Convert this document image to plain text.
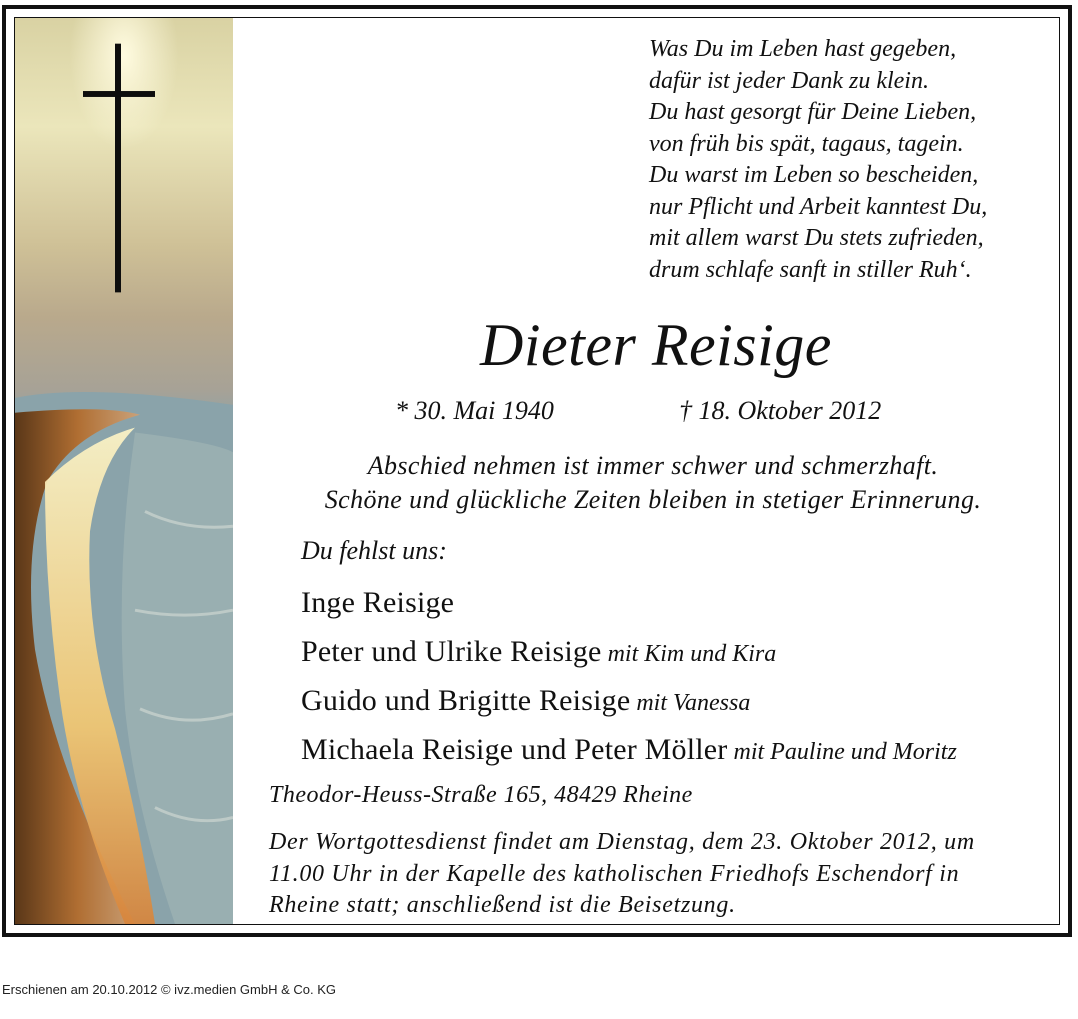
Was Du im Leben hast gegeben,
dafür ist jeder Dank zu klein.
Du hast gesorgt für Deine Lieben,
von früh bis spät, tagaus, tagein.
Du warst im Leben so bescheiden,
nur Pflicht und Arbeit kanntest Du,
mit allem warst Du stets zufrieden,
drum schlafe sanft in stiller Ruh‘.
Dieter Reisige
* 30. Mai 1940	† 18. Oktober 2012
Abschied nehmen ist immer schwer und schmerzhaft.
Schöne und glückliche Zeiten bleiben in stetiger Erinnerung.
Du fehlst uns:
Inge Reisige
Peter und Ulrike Reisige mit Kim und Kira
Guido und Brigitte Reisige mit Vanessa
Michaela Reisige und Peter Möller mit Pauline und Moritz
Theodor-Heuss-Straße 165, 48429 Rheine
Der Wortgottesdienst findet am Dienstag, dem 23. Oktober 2012, um
11.00 Uhr in der Kapelle des katholischen Friedhofs Eschendorf in
Rheine statt; anschließend ist die Beisetzung.
Erschienen am 20.10.2012 © ivz.medien GmbH & Co. KG
